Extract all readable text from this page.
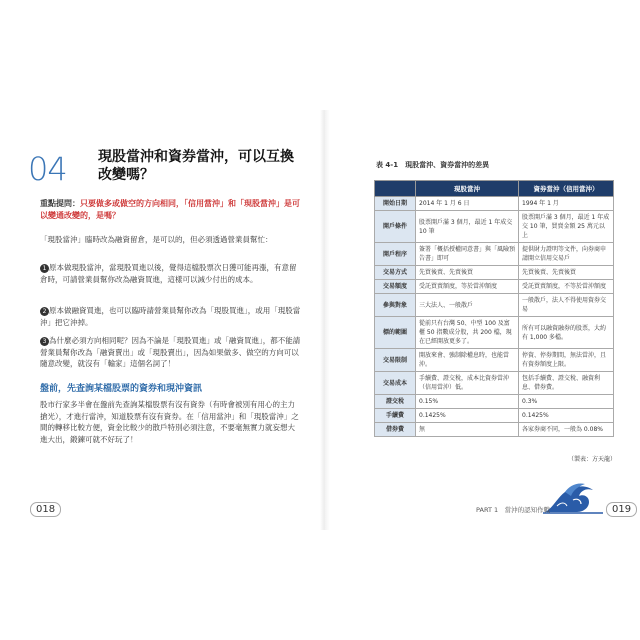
04 現股當沖和資券當沖，可以互換改變嗎？
重點提問：只要做多或做空的方向相同，「信用當沖」和「現股當沖」是可以變通改變的，是嗎？
「現股當沖」臨時改為融資留倉，是可以的，但必須透過營業員幫忙：
1 原本做現股當沖，當現股買進以後，覺得這檔股票次日獲可能再漲，有意留倉時，可請營業員幫你改為融資買進，這樣可以減少付出的成本。
2 原本做融資買進，也可以臨時請營業員幫你改為「現股買進」，或用「現股當沖」把它沖掉。
3 為什麼必須方向相同呢？因為不論是「現股買進」或「融資買進」，都不能請營業員幫你改為「融資賣出」或「現股賣出」，因為如果做多、做空的方向可以隨意改變，就沒有「輸家」這個名詞了！
盤前，先查詢某檔股票的資券和現沖資訊
股市行家多半會在盤前先查詢某檔股票有沒有資券（有時會被別有用心的主力搶光），才進行當沖，知道股票有沒有資券。在「信用當沖」和「現股當沖」之間的轉移比較方便，資金比較少的散戶特別必須注意，不要毫無實力就妄想大進大出，鍛鍊可就不好玩了！
018
表 4-1　現股當沖、資券當沖的差異
	現股當沖	資券當沖（信用當沖）
開始日期	2014 年 1 月 6 日	1994 年 1 月
開戶條件	股票開戶滿 3 個月，最近 1 年成交 10 筆	股票開戶滿 3 個月，最近 1 年成交 10 筆，買賣金額 25 萬元以上
開戶程序	簽署「概括授權同意書」與「風險預告書」即可	提供財力證明等文件，向券商申請開立信用交易戶
交易方式	先買後賣、先賣後買	先買後賣、先賣後買
交易額度	受託買賣額度，等於當沖額度	受託買賣額度，不等於當沖額度
參與對象	三大法人、一般散戶	一般散戶，法人不得使用資券交易
標的範圍	從前只有台灣 50、中型 100 及富櫃 50 指數成分股，共 200 檔，現在已經開放更多了。	所有可以融資融券的股票，大約有 1,000 多檔。
交易限制	開放來會、強制除權息時，也能當沖。	停資、停券期間，無法當沖，且有資券額度上限。
交易成本	手續費、證交稅，成本比資券當沖（信用當沖）低。	包括手續費、證交稅、融資利息、借券費。
證交稅	0.15%	0.3%
手續費	0.1425%	0.1425%
借券費	無	各家券商不同，一般為 0.08%
（製表：方天龍）
PART 1　當沖的認知作戰	019
